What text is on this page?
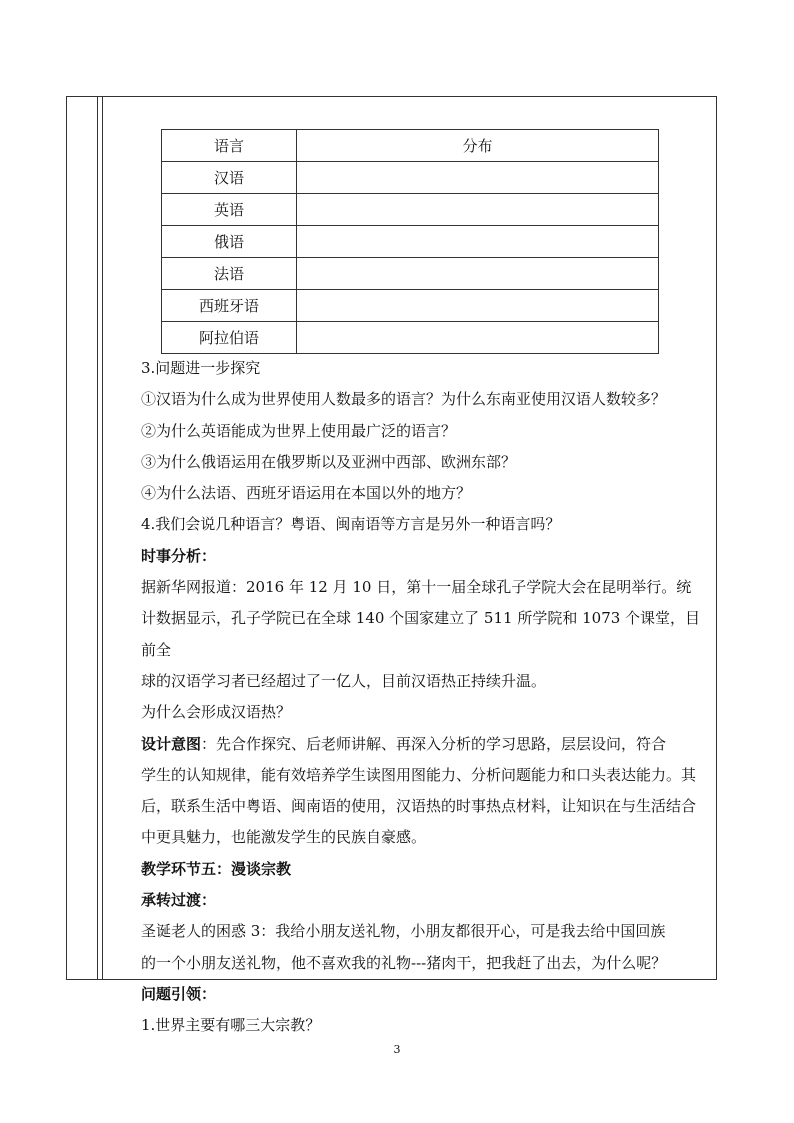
语言	分布
汉语	
英语	
俄语	
法语	
西班牙语	
阿拉伯语	

3.问题进一步探究

①汉语为什么成为世界使用人数最多的语言？为什么东南亚使用汉语人数较多？

②为什么英语能成为世界上使用最广泛的语言？

③为什么俄语运用在俄罗斯以及亚洲中西部、欧洲东部？

④为什么法语、西班牙语运用在本国以外的地方？

4.我们会说几种语言？粤语、闽南语等方言是另外一种语言吗？

时事分析：

据新华网报道：2016 年 12 月 10 日，第十一届全球孔子学院大会在昆明举行。统

计数据显示，孔子学院已在全球 140 个国家建立了 511 所学院和 1073 个课堂，目前全

球的汉语学习者已经超过了一亿人，目前汉语热正持续升温。

为什么会形成汉语热？

设计意图：先合作探究、后老师讲解、再深入分析的学习思路，层层设问，符合

学生的认知规律，能有效培养学生读图用图能力、分析问题能力和口头表达能力。其

后，联系生活中粤语、闽南语的使用，汉语热的时事热点材料，让知识在与生活结合

中更具魅力，也能激发学生的民族自豪感。

教学环节五：漫谈宗教

承转过渡：

圣诞老人的困惑 3：我给小朋友送礼物，小朋友都很开心，可是我去给中国回族

的一个小朋友送礼物，他不喜欢我的礼物---猪肉干，把我赶了出去，为什么呢？

问题引领：

1.世界主要有哪三大宗教？

3
